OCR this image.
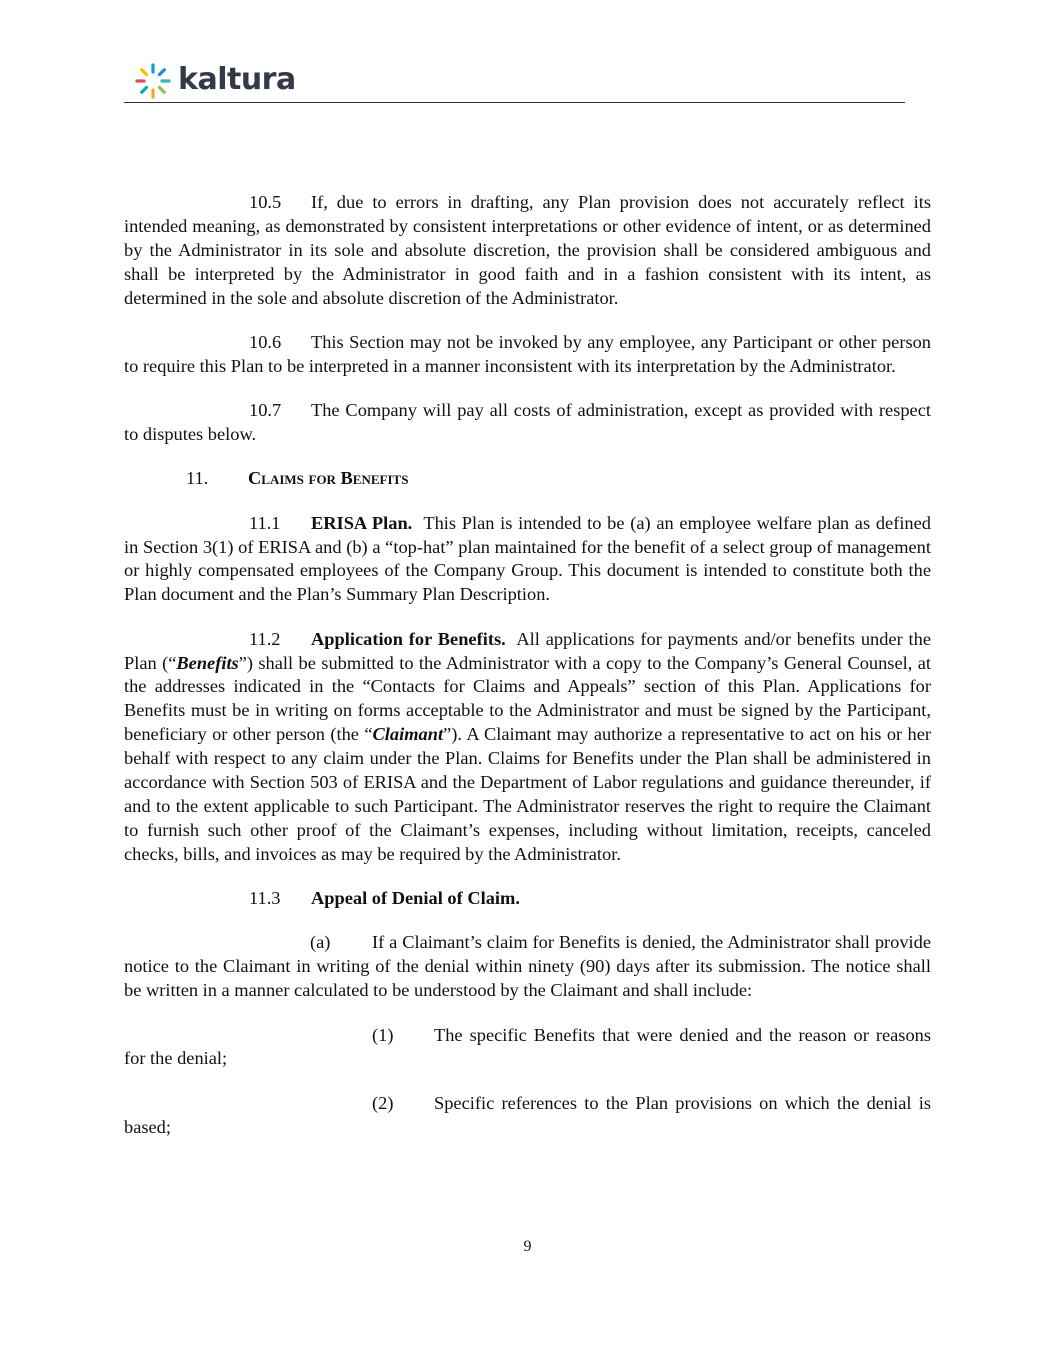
kaltura

10.5 If, due to errors in drafting, any Plan provision does not accurately reflect its intended meaning, as demonstrated by consistent interpretations or other evidence of intent, or as determined by the Administrator in its sole and absolute discretion, the provision shall be considered ambiguous and shall be interpreted by the Administrator in good faith and in a fashion consistent with its intent, as determined in the sole and absolute discretion of the Administrator.

10.6 This Section may not be invoked by any employee, any Participant or other person to require this Plan to be interpreted in a manner inconsistent with its interpretation by the Administrator.

10.7 The Company will pay all costs of administration, except as provided with respect to disputes below.

11. Claims for Benefits

11.1 ERISA Plan. This Plan is intended to be (a) an employee welfare plan as defined in Section 3(1) of ERISA and (b) a “top-hat” plan maintained for the benefit of a select group of management or highly compensated employees of the Company Group. This document is intended to constitute both the Plan document and the Plan’s Summary Plan Description.

11.2 Application for Benefits. All applications for payments and/or benefits under the Plan (“Benefits”) shall be submitted to the Administrator with a copy to the Company’s General Counsel, at the addresses indicated in the “Contacts for Claims and Appeals” section of this Plan. Applications for Benefits must be in writing on forms acceptable to the Administrator and must be signed by the Participant, beneficiary or other person (the “Claimant”). A Claimant may authorize a representative to act on his or her behalf with respect to any claim under the Plan. Claims for Benefits under the Plan shall be administered in accordance with Section 503 of ERISA and the Department of Labor regulations and guidance thereunder, if and to the extent applicable to such Participant. The Administrator reserves the right to require the Claimant to furnish such other proof of the Claimant’s expenses, including without limitation, receipts, canceled checks, bills, and invoices as may be required by the Administrator.

11.3 Appeal of Denial of Claim.

(a) If a Claimant’s claim for Benefits is denied, the Administrator shall provide notice to the Claimant in writing of the denial within ninety (90) days after its submission. The notice shall be written in a manner calculated to be understood by the Claimant and shall include:

(1) The specific Benefits that were denied and the reason or reasons for the denial;

(2) Specific references to the Plan provisions on which the denial is based;

9
